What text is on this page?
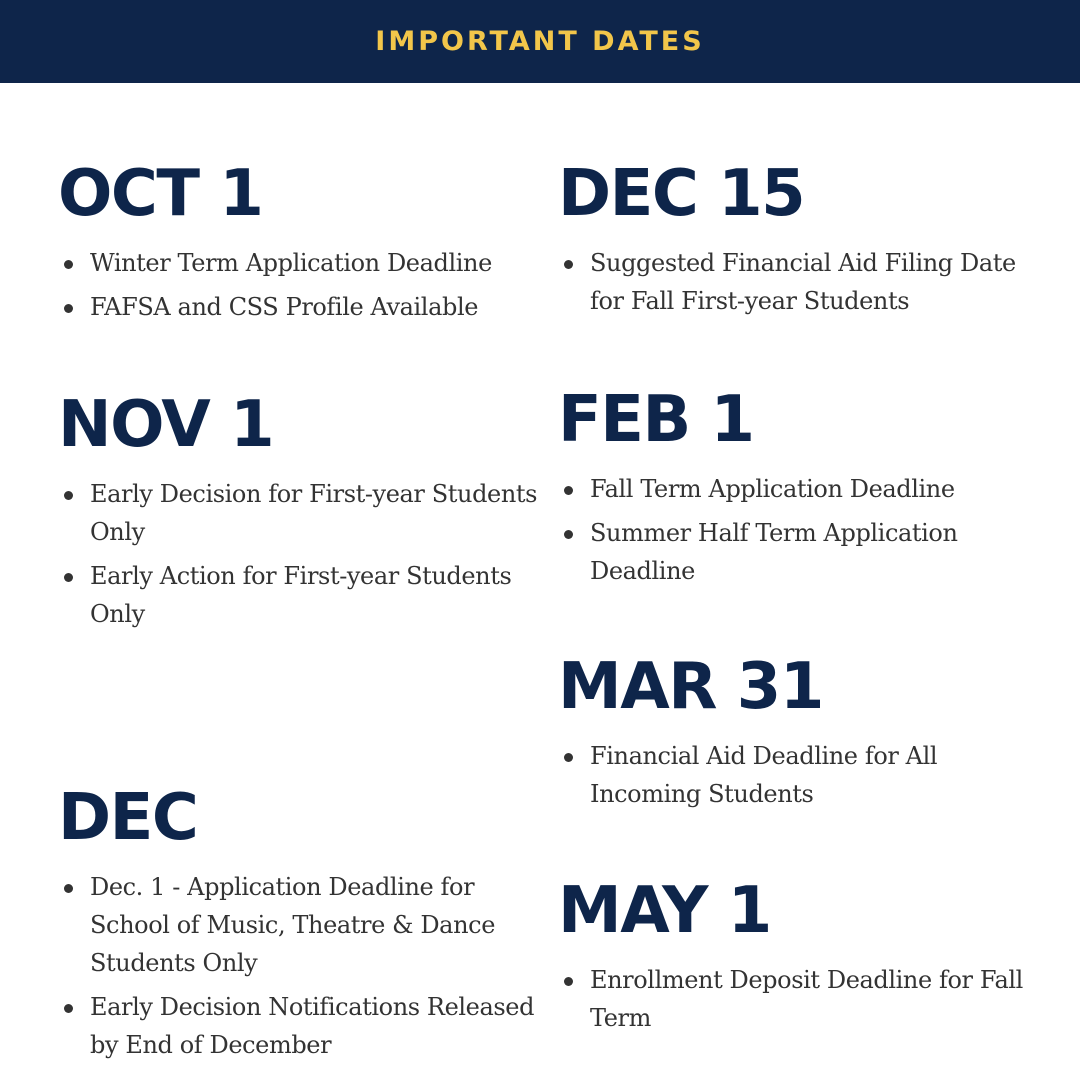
IMPORTANT DATES
OCT 1
Winter Term Application Deadline
FAFSA and CSS Profile Available
NOV 1
Early Decision for First-year Students Only
Early Action for First-year Students Only
DEC
Dec. 1 - Application Deadline for School of Music, Theatre & Dance Students Only
Early Decision Notifications Released by End of December
DEC 15
Suggested Financial Aid Filing Date for Fall First-year Students
FEB 1
Fall Term Application Deadline
Summer Half Term Application Deadline
MAR 31
Financial Aid Deadline for All Incoming Students
MAY 1
Enrollment Deposit Deadline for Fall Term
